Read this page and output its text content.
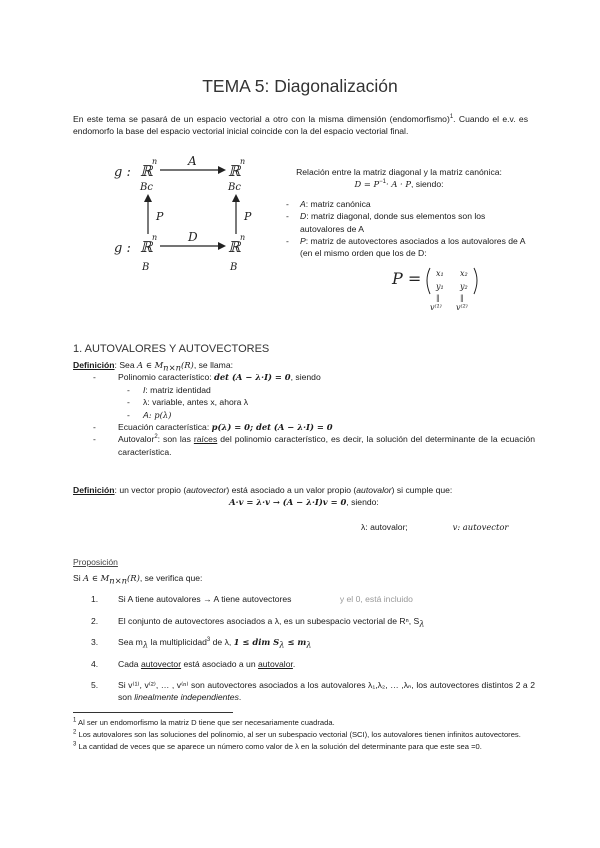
TEMA 5: Diagonalización
En este tema se pasará de un espacio vectorial a otro con la misma dimensión (endomorfismo)$^1$. Cuando el e.v. es endomorfo la base del espacio vectorial inicial coincide con la del espacio vectorial final.
g : ℝ
n	A
ℝ
n
Bc	Bc
P	P
g : ℝ
n	D
ℝ
n
B	B
Relación entre la matriz diagonal y la matriz canónica:
$D = P^{-1}\cdot A \cdot P$, siendo:
- A: matriz canónica
- D: matriz diagonal, donde sus elementos son los autovalores de A
- P: matriz de autovectores asociados a los autovalores de A (en el mismo orden que los de D:
P = x₁ x₂
y₁ y₂
‖	‖
v⁽¹⁾ v⁽²⁾
1. AUTOVALORES Y AUTOVECTORES
Definición: Sea A ∈ $M_{n\times n}(R)$, se llama:
- Polinomio característico: det (A − λ·I) = 0, siendo
- I: matriz identidad
- λ: variable, antes x, ahora λ
- A: p(λ)
- Ecuación característica: p(λ) = 0; det (A − λ·I) = 0
- Autovalor$^2$: son las raíces del polinomio característico, es decir, la solución del determinante de la ecuación característica.
Definición: un vector propio (autovector) está asociado a un valor propio (autovalor) si cumple que:
A·v = λ·v → (A − λ·I)v = 0, siendo:
λ: autovalor;	v: autovector
Proposición
Si A ∈ $M_{n\times n}(R)$, se verifica que:
1. Si A tiene autovalores → A tiene autovectores	y el 0, está incluido
2. El conjunto de autovectores asociados a λ, es un subespacio vectorial de Rⁿ, $S_\lambda$
3. Sea $m_\lambda$ la multiplicidad$^3$ de λ, 1 ≤ dim $S_\lambda \le m_\lambda$
4. Cada autovector está asociado a un autovalor.
5. Si v⁽¹⁾, v⁽²⁾, … , v⁽ⁿ⁾ son autovectores asociados a los autovalores λ₁,λ₂, … ,λₙ, los autovectores distintos 2 a 2 son linealmente independientes.
$^1$ Al ser un endomorfismo la matriz D tiene que ser necesariamente cuadrada.
$^2$ Los autovalores son las soluciones del polinomio, al ser un subespacio vectorial (SCI), los autovalores tienen infinitos autovectores.
$^3$ La cantidad de veces que se aparece un número como valor de λ en la solución del determinante para que este sea =0.
